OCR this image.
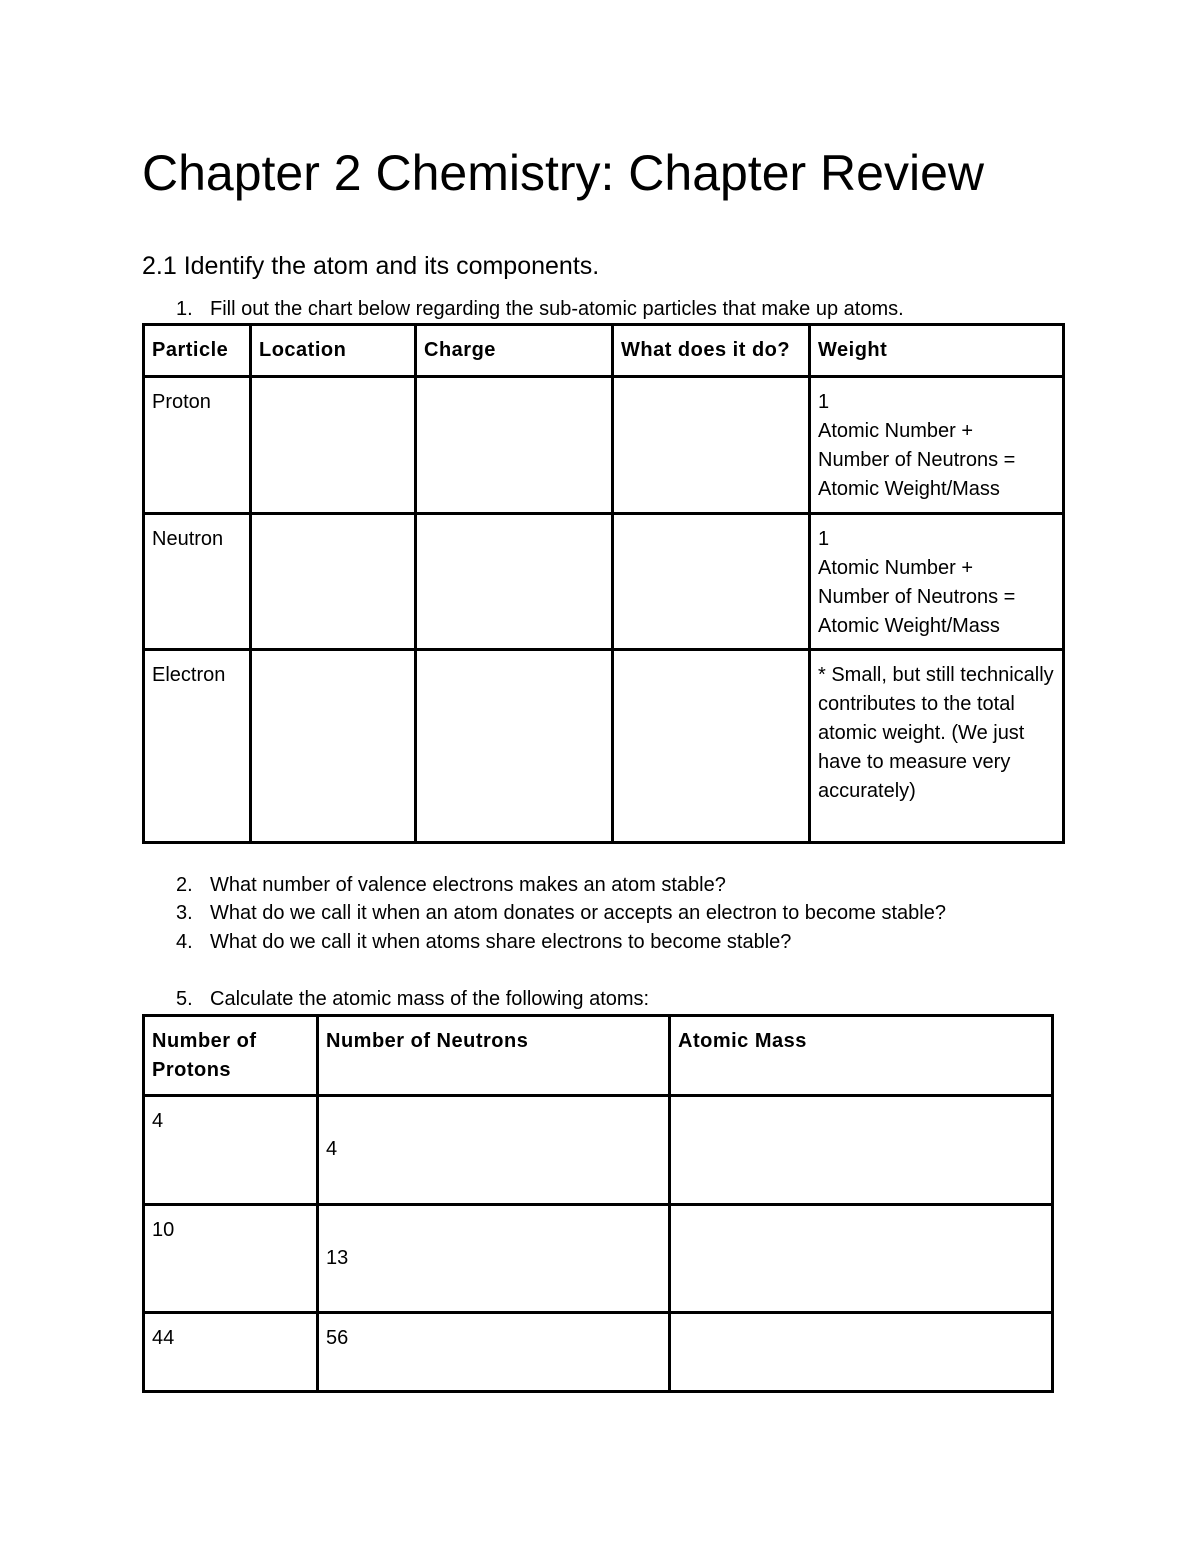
Chapter 2 Chemistry: Chapter Review
2.1 Identify the atom and its components.
1. Fill out the chart below regarding the sub-atomic particles that make up atoms.
Particle	Location	Charge	What does it do?	Weight
Proton				1
Atomic Number +
Number of Neutrons =
Atomic Weight/Mass
Neutron				1
Atomic Number +
Number of Neutrons =
Atomic Weight/Mass
Electron				* Small, but still technically contributes to the total atomic weight. (We just have to measure very accurately)
2. What number of valence electrons makes an atom stable?
3. What do we call it when an atom donates or accepts an electron to become stable?
4. What do we call it when atoms share electrons to become stable?
5. Calculate the atomic mass of the following atoms:
Number of Protons	Number of Neutrons	Atomic Mass
4	4	
10	13	
44	56	
